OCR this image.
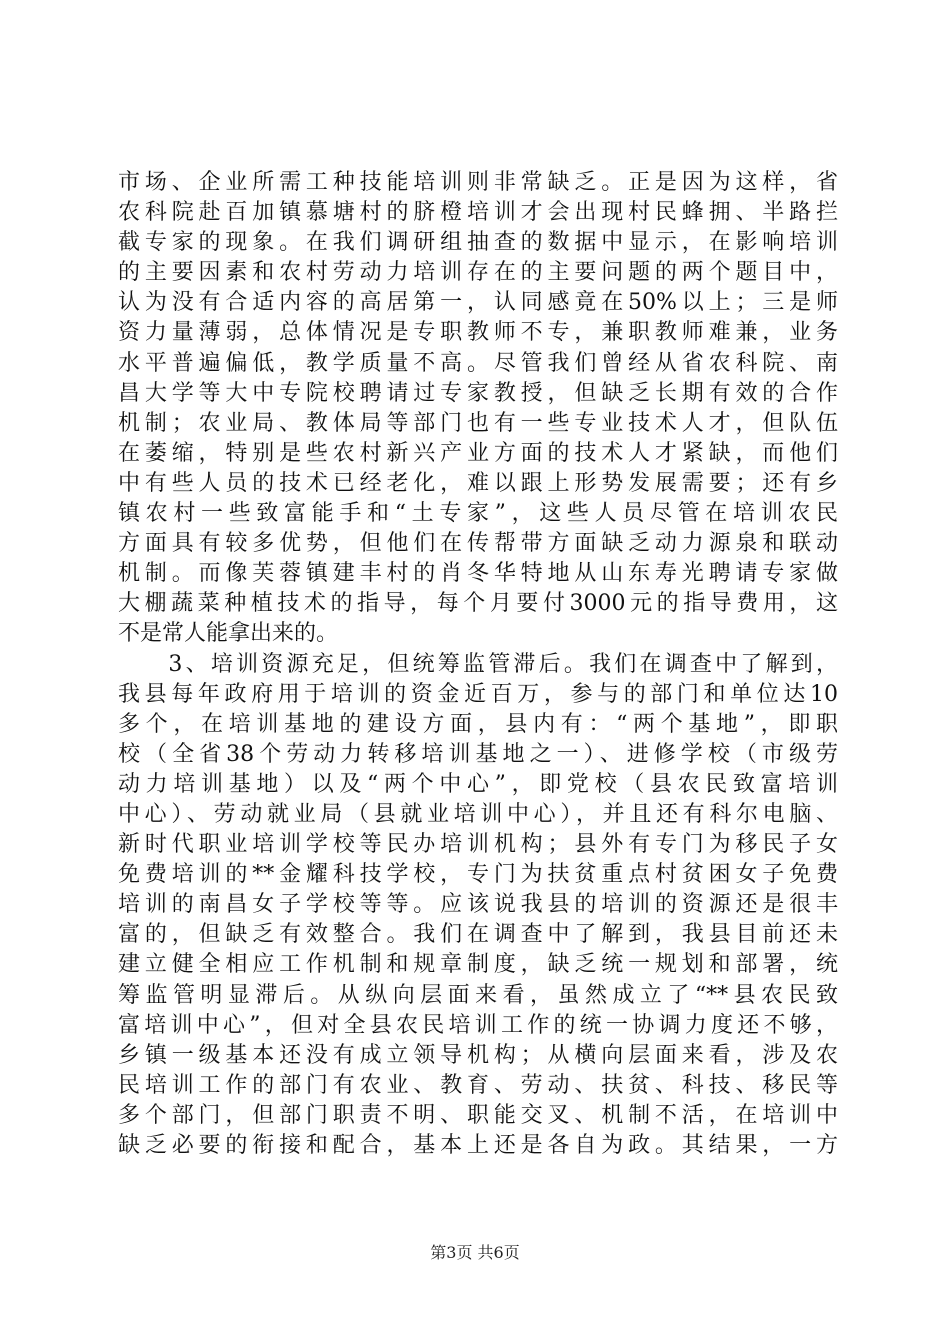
市场、企业所需工种技能培训则非常缺乏。正是因为这样，省
农科院赴百加镇慕塘村的脐橙培训才会出现村民蜂拥、半路拦
截专家的现象。在我们调研组抽查的数据中显示，在影响培训
的主要因素和农村劳动力培训存在的主要问题的两个题目中，
认为没有合适内容的高居第一，认同感竟在50%以上；三是师
资力量薄弱，总体情况是专职教师不专，兼职教师难兼，业务
水平普遍偏低，教学质量不高。尽管我们曾经从省农科院、南
昌大学等大中专院校聘请过专家教授，但缺乏长期有效的合作
机制；农业局、教体局等部门也有一些专业技术人才，但队伍
在萎缩，特别是些农村新兴产业方面的技术人才紧缺，而他们
中有些人员的技术已经老化，难以跟上形势发展需要；还有乡
镇农村一些致富能手和“土专家”，这些人员尽管在培训农民
方面具有较多优势，但他们在传帮带方面缺乏动力源泉和联动
机制。而像芙蓉镇建丰村的肖冬华特地从山东寿光聘请专家做
大棚蔬菜种植技术的指导，每个月要付3000元的指导费用，这
不是常人能拿出来的。
　　3、培训资源充足，但统筹监管滞后。我们在调查中了解到，
我县每年政府用于培训的资金近百万，参与的部门和单位达10
多个，在培训基地的建设方面，县内有：“两个基地”，即职
校（全省38个劳动力转移培训基地之一）、进修学校（市级劳
动力培训基地）以及“两个中心”，即党校（县农民致富培训
中心）、劳动就业局（县就业培训中心），并且还有科尔电脑、
新时代职业培训学校等民办培训机构；县外有专门为移民子女
免费培训的**金耀科技学校，专门为扶贫重点村贫困女子免费
培训的南昌女子学校等等。应该说我县的培训的资源还是很丰
富的，但缺乏有效整合。我们在调查中了解到，我县目前还未
建立健全相应工作机制和规章制度，缺乏统一规划和部署，统
筹监管明显滞后。从纵向层面来看，虽然成立了“**县农民致
富培训中心”，但对全县农民培训工作的统一协调力度还不够，
乡镇一级基本还没有成立领导机构；从横向层面来看，涉及农
民培训工作的部门有农业、教育、劳动、扶贫、科技、移民等
多个部门，但部门职责不明、职能交叉、机制不活，在培训中
缺乏必要的衔接和配合，基本上还是各自为政。其结果，一方
第3页 共6页
